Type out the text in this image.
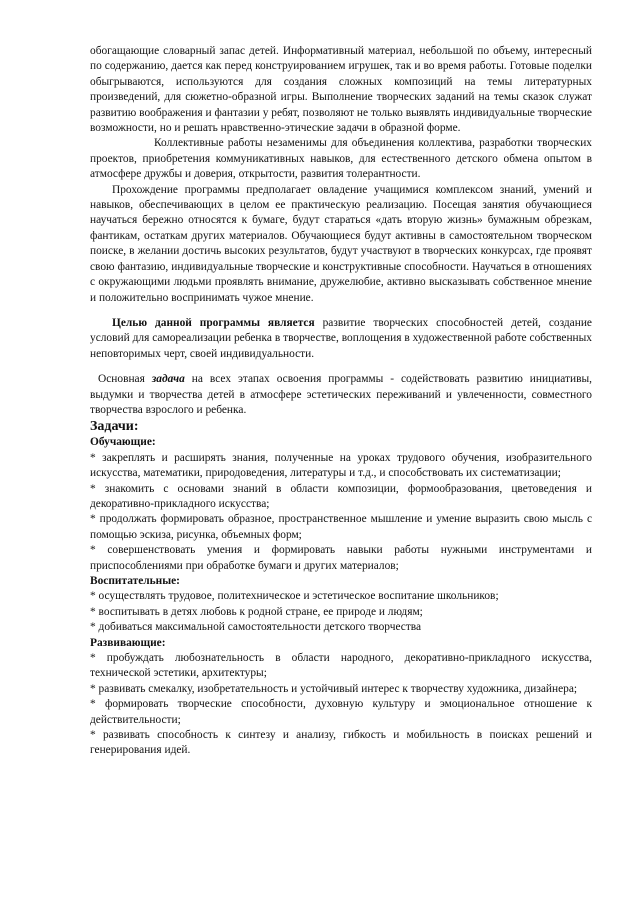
обогащающие словарный запас детей. Информативный материал, небольшой по объему, интересный по содержанию, дается как перед конструированием игрушек, так и во время работы. Готовые поделки обыгрываются, используются для создания сложных композиций на темы литературных произведений, для сюжетно-образной игры. Выполнение творческих заданий на темы сказок служат развитию воображения и фантазии у ребят, позволяют не только выявлять индивидуальные творческие возможности, но и решать нравственно-этические задачи в образной форме.

Коллективные работы незаменимы для объединения коллектива, разработки творческих проектов, приобретения коммуникативных навыков, для естественного детского обмена опытом в атмосфере дружбы и доверия, открытости, развития толерантности.

Прохождение программы предполагает овладение учащимися комплексом знаний, умений и навыков, обеспечивающих в целом ее практическую реализацию. Посещая занятия обучающиеся научаться бережно относятся к бумаге, будут стараться «дать вторую жизнь» бумажным обрезкам, фантикам, остаткам других материалов. Обучающиеся будут активны в самостоятельном творческом поиске, в желании достичь высоких результатов, будут участвуют в творческих конкурсах, где проявят свою фантазию, индивидуальные творческие и конструктивные способности. Научаться в отношениях с окружающими людьми проявлять внимание, дружелюбие, активно высказывать собственное мнение и положительно воспринимать чужое мнение.

Целью данной программы является развитие творческих способностей детей, создание условий для самореализации ребенка в творчестве, воплощения в художественной работе собственных неповторимых черт, своей индивидуальности.

Основная задача на всех этапах освоения программы - содействовать развитию инициативы, выдумки и творчества детей в атмосфере эстетических переживаний и увлеченности, совместного творчества взрослого и ребенка.

Задачи:

Обучающие:

* закреплять и расширять знания, полученные на уроках трудового обучения, изобразительного искусства, математики, природоведения, литературы и т.д., и способствовать их систематизации;

* знакомить с основами знаний в области композиции, формообразования, цветоведения и декоративно-прикладного искусства;

* продолжать формировать образное, пространственное мышление и умение выразить свою мысль с помощью эскиза, рисунка, объемных форм;

* совершенствовать умения и формировать навыки работы нужными инструментами и приспособлениями при обработке бумаги и других материалов;

Воспитательные:

* осуществлять трудовое, политехническое и эстетическое воспитание школьников;

* воспитывать в детях любовь к родной стране, ее природе и людям;

* добиваться максимальной самостоятельности детского творчества

Развивающие:

* пробуждать любознательность в области народного, декоративно-прикладного искусства, технической эстетики, архитектуры;

* развивать смекалку, изобретательность и устойчивый интерес к творчеству художника, дизайнера;

* формировать творческие способности, духовную культуру и эмоциональное отношение к действительности;

* развивать способность к синтезу и анализу, гибкость и мобильность в поисках решений и генерирования идей.
